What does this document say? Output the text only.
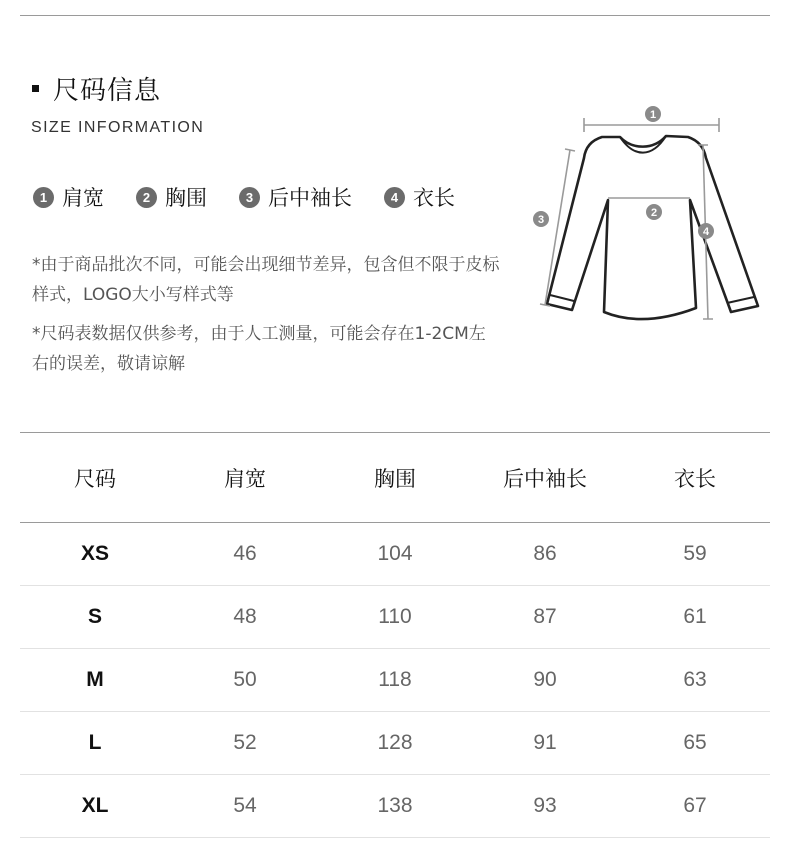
尺码信息
SIZE INFORMATION
1 肩宽	2 胸围	3 后中袖长	4 衣长
*由于商品批次不同，可能会出现细节差异，包含但不限于皮标样式，LOGO大小写样式等
*尺码表数据仅供参考，由于人工测量，可能会存在1-2CM左右的误差，敬请谅解
1
2
3
4
尺码	肩宽	胸围	后中袖长	衣长
XS	46	104	86	59
S	48	110	87	61
M	50	118	90	63
L	52	128	91	65
XL	54	138	93	67
